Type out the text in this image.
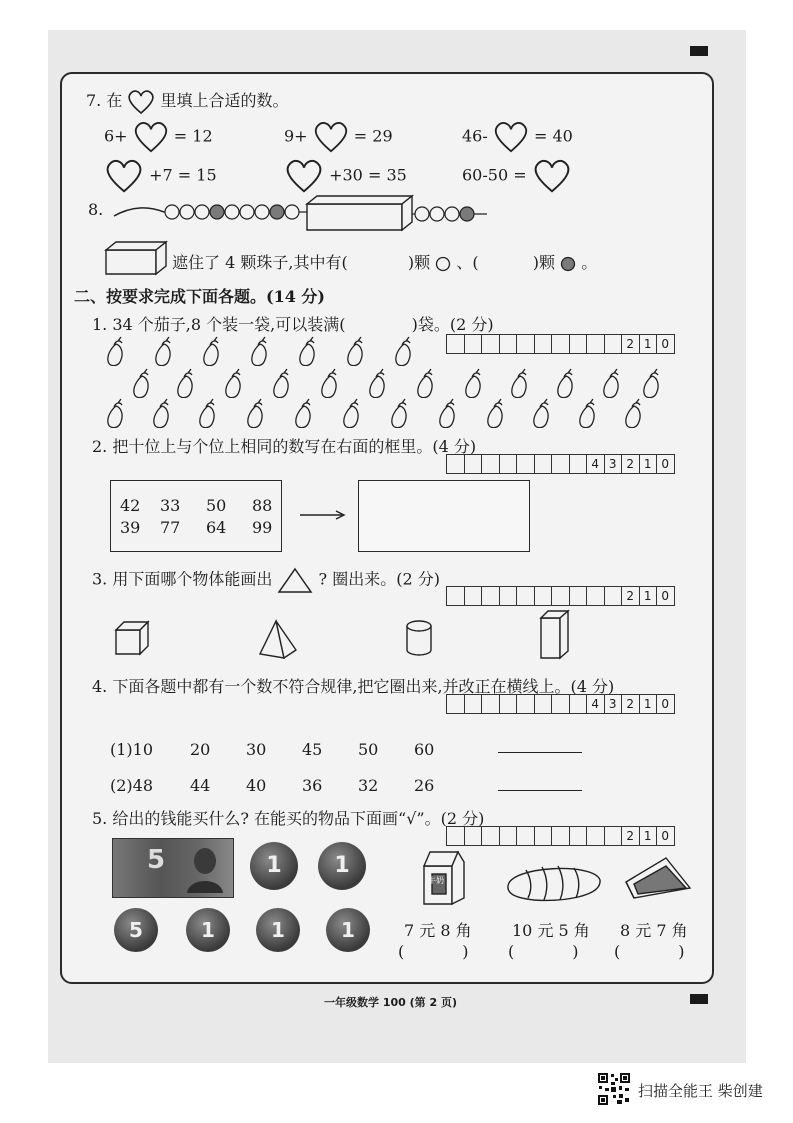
7. 在 里填上合适的数。
6+	= 12	9+	= 29	46-	= 40
+7 = 15	+30 = 35	60-50 =
8.
遮住了 4 颗珠子,其中有(	)颗 、(	)颗 。
二、按要求完成下面各题。(14 分)
1. 34 个茄子,8 个装一袋,可以装满(	)袋。(2 分)
2 1 0
2. 把十位上与个位上相同的数写在右面的框里。(4 分)
4 3 2 1 0
42 33 50 88
39 77 64 99
3. 用下面哪个物体能画出	? 圈出来。(2 分)
2 1 0
4. 下面各题中都有一个数不符合规律,把它圈出来,并改正在横线上。(4 分)
4 3 2 1 0
(1)10 20 30 45 50 60
(2)48 44 40 36 32 26
5. 给出的钱能买什么? 在能买的物品下面画“√”。(2 分)
2 1 0
5	1	1
5	1	1	1
牛奶
7 元 8 角	10 元 5 角 8 元 7 角
(	) (	) (	)
一年级数学 100 (第 2 页)
扫描全能王 柴创建
